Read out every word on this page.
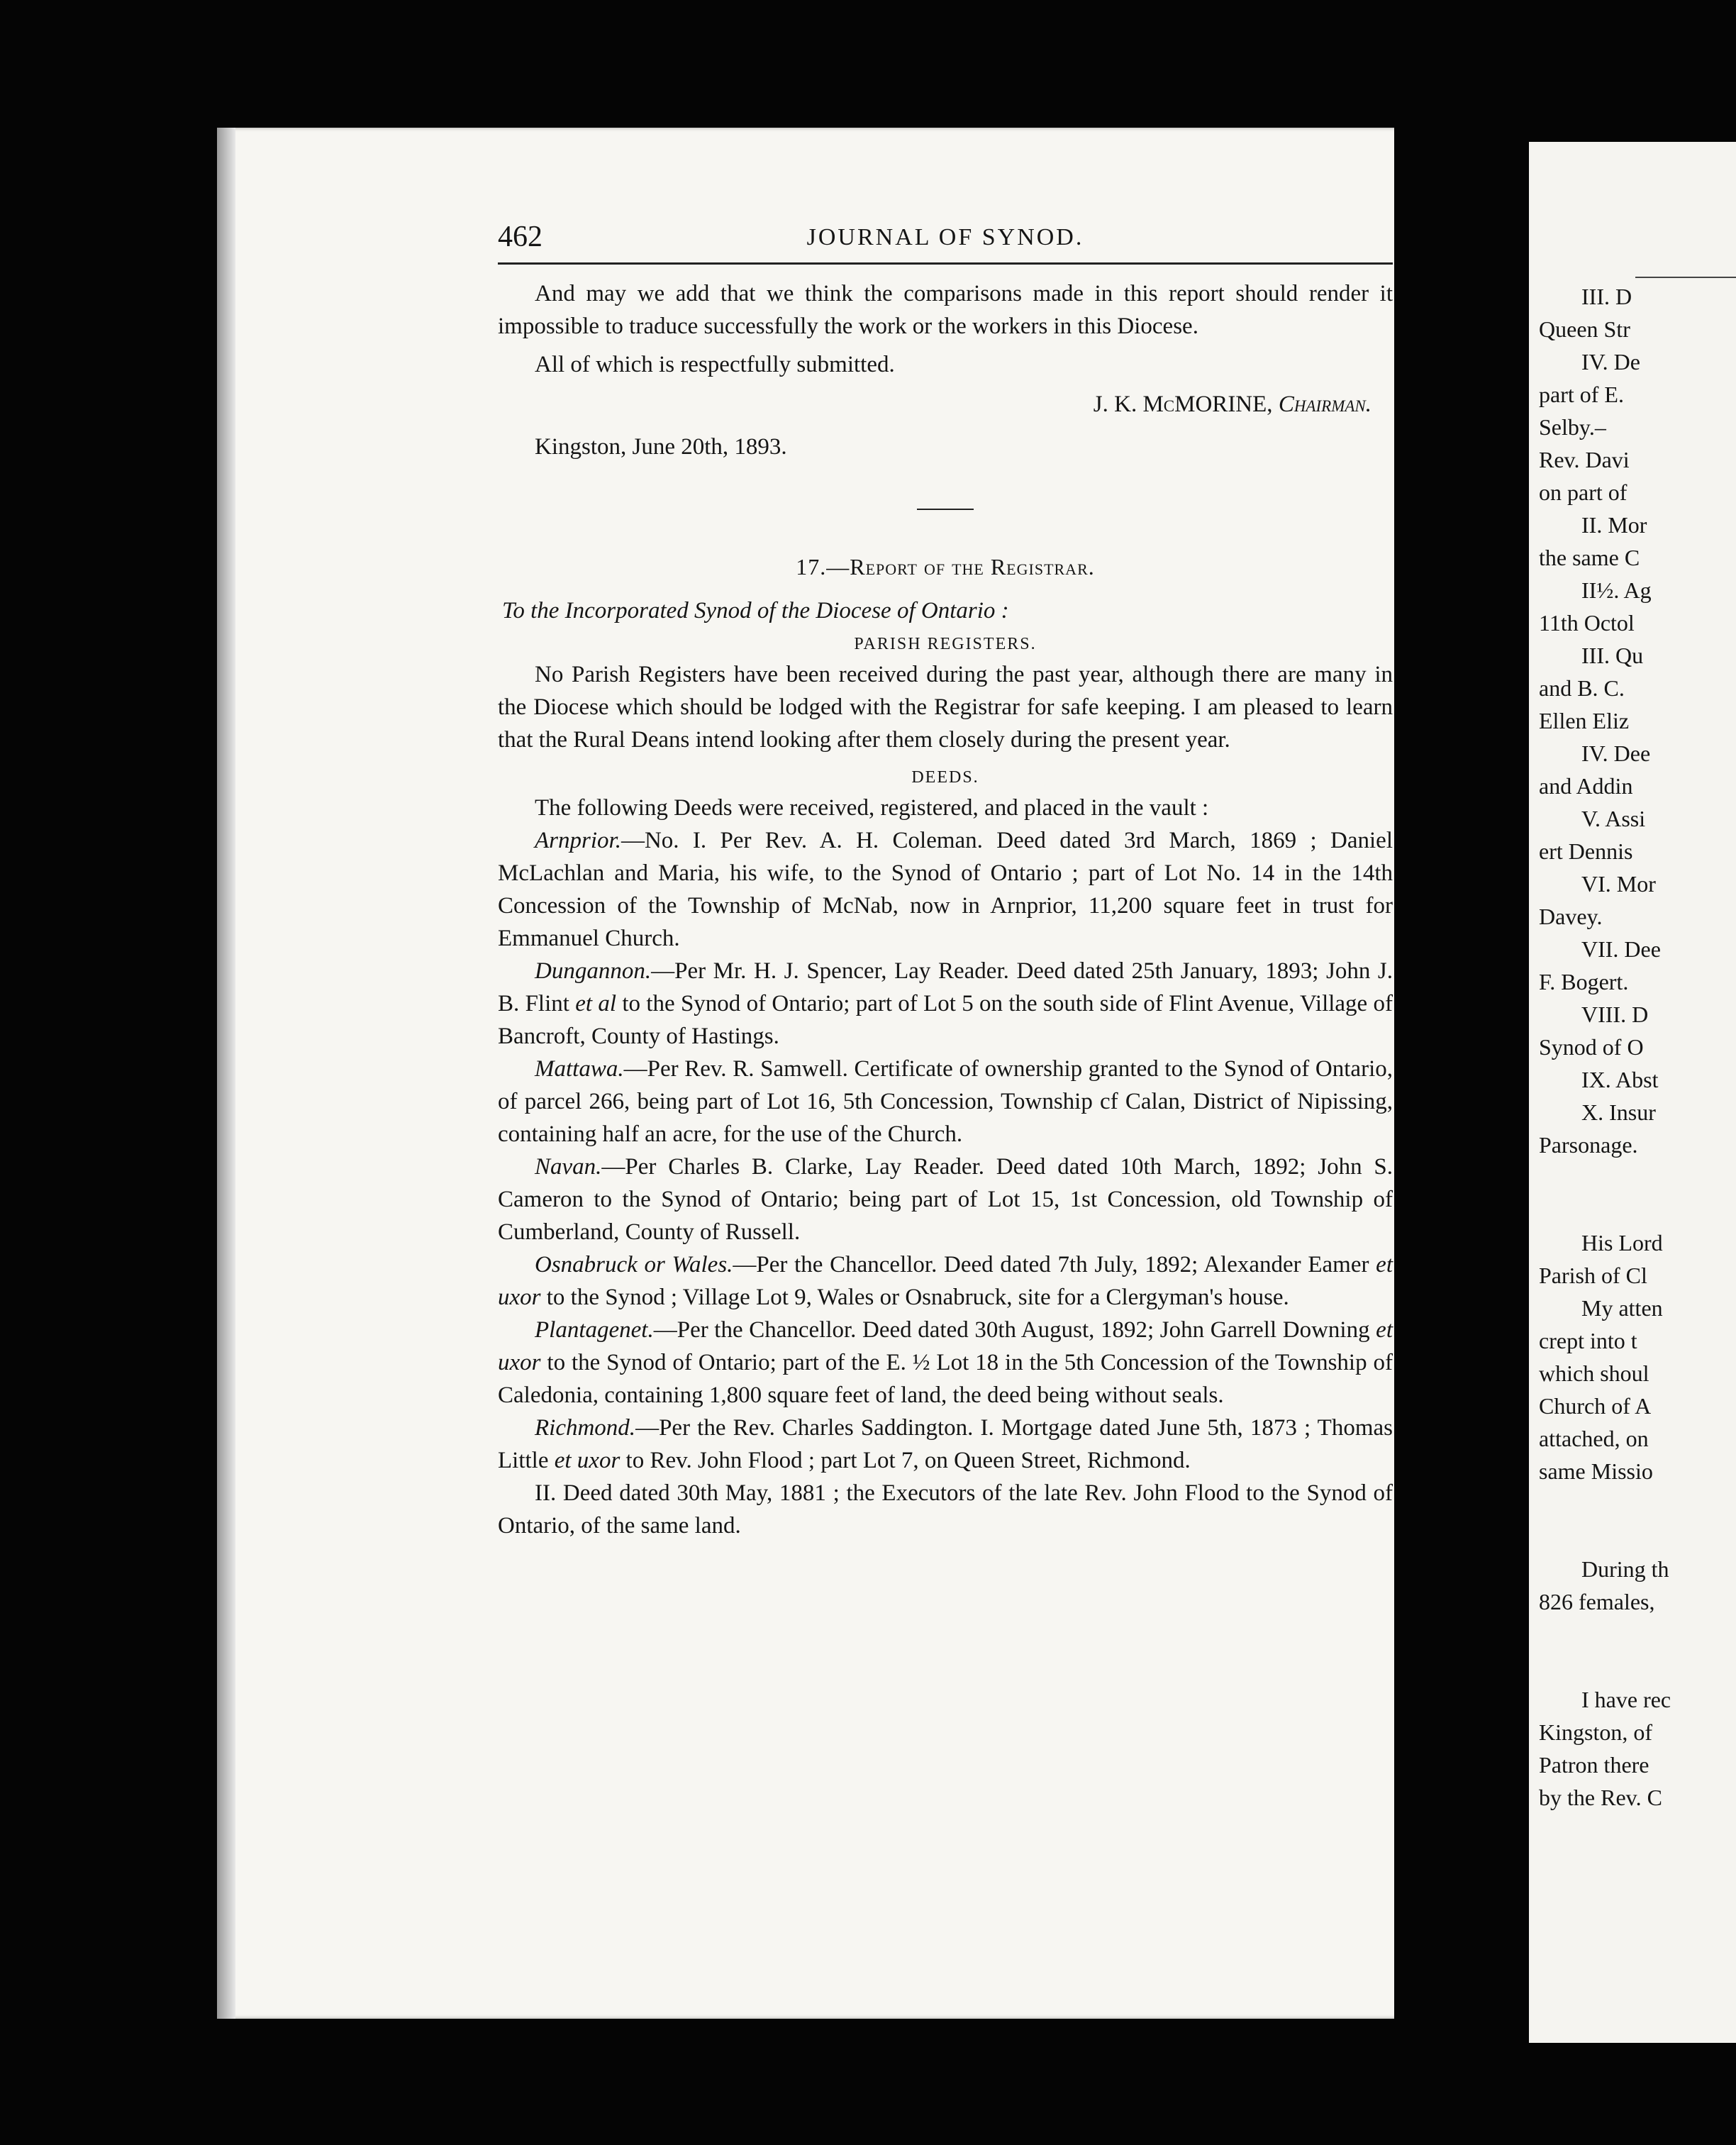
462	JOURNAL OF SYNOD.

And may we add that we think the comparisons made in this report should render it impossible to traduce successfully the work or the workers in this Diocese.

All of which is respectfully submitted.

J. K. McMORINE, Chairman.

Kingston, June 20th, 1893.

17.—Report of the Registrar.

To the Incorporated Synod of the Diocese of Ontario :

PARISH REGISTERS.

No Parish Registers have been received during the past year, although there are many in the Diocese which should be lodged with the Registrar for safe keeping. I am pleased to learn that the Rural Deans intend looking after them closely during the present year.

DEEDS.

The following Deeds were received, registered, and placed in the vault :

Arnprior.—No. I. Per Rev. A. H. Coleman. Deed dated 3rd March, 1869 ; Daniel McLachlan and Maria, his wife, to the Synod of Ontario ; part of Lot No. 14 in the 14th Concession of the Township of McNab, now in Arnprior, 11,200 square feet in trust for Emmanuel Church.

Dungannon.—Per Mr. H. J. Spencer, Lay Reader. Deed dated 25th January, 1893; John J. B. Flint et al to the Synod of Ontario; part of Lot 5 on the south side of Flint Avenue, Village of Bancroft, County of Hastings.

Mattawa.—Per Rev. R. Samwell. Certificate of ownership granted to the Synod of Ontario, of parcel 266, being part of Lot 16, 5th Concession, Township cf Calan, District of Nipissing, containing half an acre, for the use of the Church.

Navan.—Per Charles B. Clarke, Lay Reader. Deed dated 10th March, 1892; John S. Cameron to the Synod of Ontario; being part of Lot 15, 1st Concession, old Township of Cumberland, County of Russell.

Osnabruck or Wales.—Per the Chancellor. Deed dated 7th July, 1892; Alexander Eamer et uxor to the Synod ; Village Lot 9, Wales or Osnabruck, site for a Clergyman's house.

Plantagenet.—Per the Chancellor. Deed dated 30th August, 1892; John Garrell Downing et uxor to the Synod of Ontario; part of the E. ½ Lot 18 in the 5th Concession of the Township of Caledonia, containing 1,800 square feet of land, the deed being without seals.

Richmond.—Per the Rev. Charles Saddington. I. Mortgage dated June 5th, 1873 ; Thomas Little et uxor to Rev. John Flood ; part Lot 7, on Queen Street, Richmond.

II. Deed dated 30th May, 1881 ; the Executors of the late Rev. John Flood to the Synod of Ontario, of the same land.

III. D
Queen Str
IV. De
part of E.
Selby.–
Rev. Davi
on part of
II. Mor
the same C
II½. Ag
11th Octol
III. Qu
and B. C.
Ellen Eliz
IV. Dee
and Addin
V. Assi
ert Dennis
VI. Mor
Davey.
VII. Dee
F. Bogert.
VIII. D
Synod of O
IX. Abst
X. Insur
Parsonage.

His Lord
Parish of Cl
My atten
crept into t
which shoul
Church of A
attached, on
same Missio

During th
826 females,

I have rec
Kingston, of
Patron there
by the Rev. C
